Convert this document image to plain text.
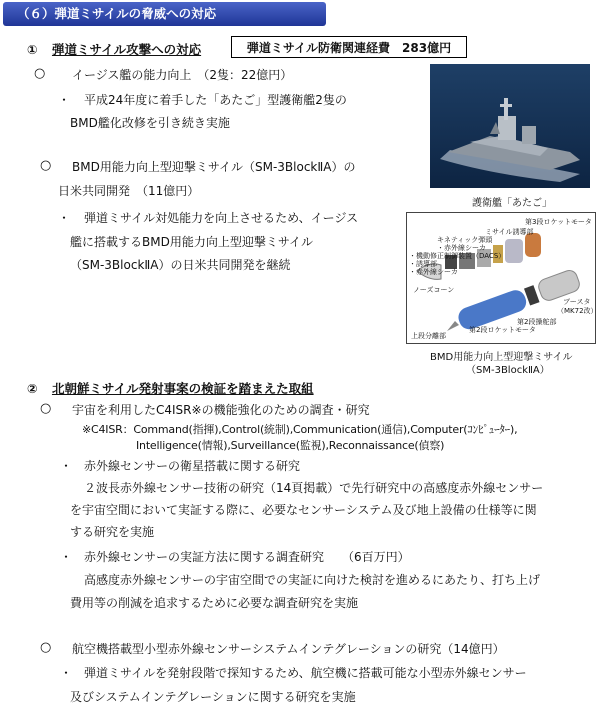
（６）弾道ミサイルの脅威への対応
① 弾道ミサイル攻撃への対応	弾道ミサイル防衛関連経費　283億円
○ イージス艦の能力向上　（2隻：22億円）
・ 平成24年度に着手した「あたご」型護衛艦2隻の
BMD艦化改修を引き続き実施
○ BMD用能力向上型迎撃ミサイル（SM-3BlockⅡA）の
日米共同開発　（11億円）
・ 弾道ミサイル対処能力を向上させるため、イージス
艦に搭載するBMD用能力向上型迎撃ミサイル
（SM-3BlockⅡA）の日米共同開発を継続
護衛艦「あたご」
第3段ロケットモータ
キネティック弾頭
ミサイル誘導部
・赤外線シーカ
・機動修正制御装置（DACS）
・誘導部
・赤外線シーカ
ノーズコーン
ブースタ
（MK72改）
第2段操舵部
第2段ロケットモータ
上段分離部
BMD用能力向上型迎撃ミサイル
（SM-3BlockⅡA）
② 北朝鮮ミサイル発射事案の検証を踏まえた取組
○ 宇宙を利用したC4ISR※の機能強化のための調査・研究
※C4ISR：Command(指揮),Control(統制),Communication(通信),Computer(ｺﾝﾋﾟｭｰﾀｰ),
Intelligence(情報),Surveillance(監視),Reconnaissance(偵察)
・ 赤外線センサーの衛星搭載に関する研究
２波長赤外線センサー技術の研究（14頁掲載）で先行研究中の高感度赤外線センサー
を宇宙空間において実証する際に、必要なセンサーシステム及び地上設備の仕様等に関
する研究を実施
・ 赤外線センサーの実証方法に関する調査研究　　（6百万円）
高感度赤外線センサーの宇宙空間での実証に向けた検討を進めるにあたり、打ち上げ
費用等の削減を追求するために必要な調査研究を実施
○ 航空機搭載型小型赤外線センサーシステムインテグレーションの研究（14億円）
・ 弾道ミサイルを発射段階で探知するため、航空機に搭載可能な小型赤外線センサー
及びシステムインテグレーションに関する研究を実施
